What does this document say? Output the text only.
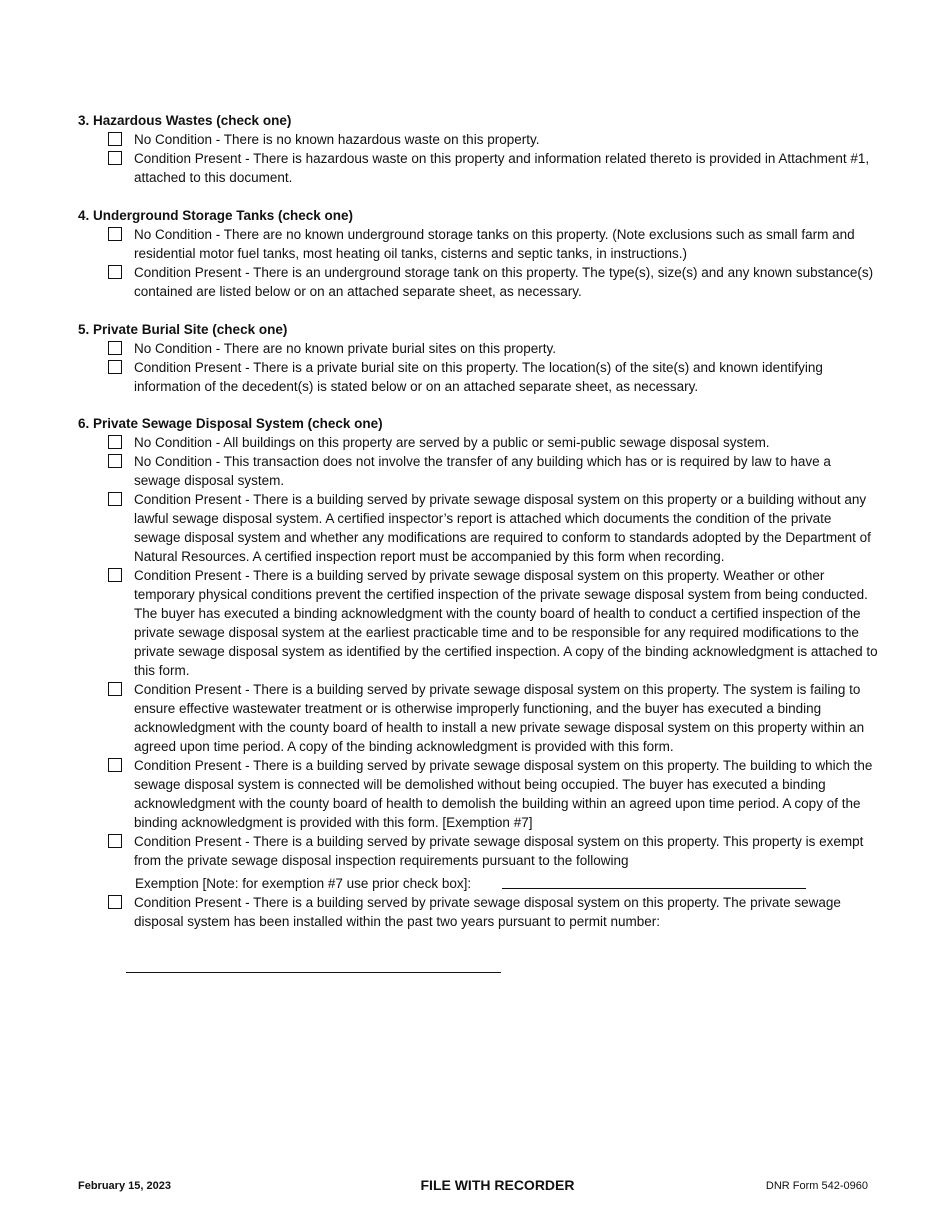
3. Hazardous Wastes (check one)
No Condition - There is no known hazardous waste on this property.
Condition Present - There is hazardous waste on this property and information related thereto is provided in Attachment #1, attached to this document.
4. Underground Storage Tanks (check one)
No Condition - There are no known underground storage tanks on this property. (Note exclusions such as small farm and residential motor fuel tanks, most heating oil tanks, cisterns and septic tanks, in instructions.)
Condition Present - There is an underground storage tank on this property. The type(s), size(s) and any known substance(s) contained are listed below or on an attached separate sheet, as necessary.
5. Private Burial Site (check one)
No Condition - There are no known private burial sites on this property.
Condition Present - There is a private burial site on this property. The location(s) of the site(s) and known identifying information of the decedent(s) is stated below or on an attached separate sheet, as necessary.
6. Private Sewage Disposal System (check one)
No Condition - All buildings on this property are served by a public or semi-public sewage disposal system.
No Condition - This transaction does not involve the transfer of any building which has or is required by law to have a sewage disposal system.
Condition Present - There is a building served by private sewage disposal system on this property or a building without any lawful sewage disposal system. A certified inspector’s report is attached which documents the condition of the private sewage disposal system and whether any modifications are required to conform to standards adopted by the Department of Natural Resources. A certified inspection report must be accompanied by this form when recording.
Condition Present - There is a building served by private sewage disposal system on this property. Weather or other temporary physical conditions prevent the certified inspection of the private sewage disposal system from being conducted. The buyer has executed a binding acknowledgment with the county board of health to conduct a certified inspection of the private sewage disposal system at the earliest practicable time and to be responsible for any required modifications to the private sewage disposal system as identified by the certified inspection. A copy of the binding acknowledgment is attached to this form.
Condition Present - There is a building served by private sewage disposal system on this property. The system is failing to ensure effective wastewater treatment or is otherwise improperly functioning, and the buyer has executed a binding acknowledgment with the county board of health to install a new private sewage disposal system on this property within an agreed upon time period. A copy of the binding acknowledgment is provided with this form.
Condition Present - There is a building served by private sewage disposal system on this property. The building to which the sewage disposal system is connected will be demolished without being occupied. The buyer has executed a binding acknowledgment with the county board of health to demolish the building within an agreed upon time period. A copy of the binding acknowledgment is provided with this form. [Exemption #7]
Condition Present - There is a building served by private sewage disposal system on this property. This property is exempt from the private sewage disposal inspection requirements pursuant to the following
Exemption [Note: for exemption #7 use prior check box]:
Condition Present - There is a building served by private sewage disposal system on this property. The private sewage disposal system has been installed within the past two years pursuant to permit number:
February 15, 2023	FILE WITH RECORDER	DNR Form 542-0960
